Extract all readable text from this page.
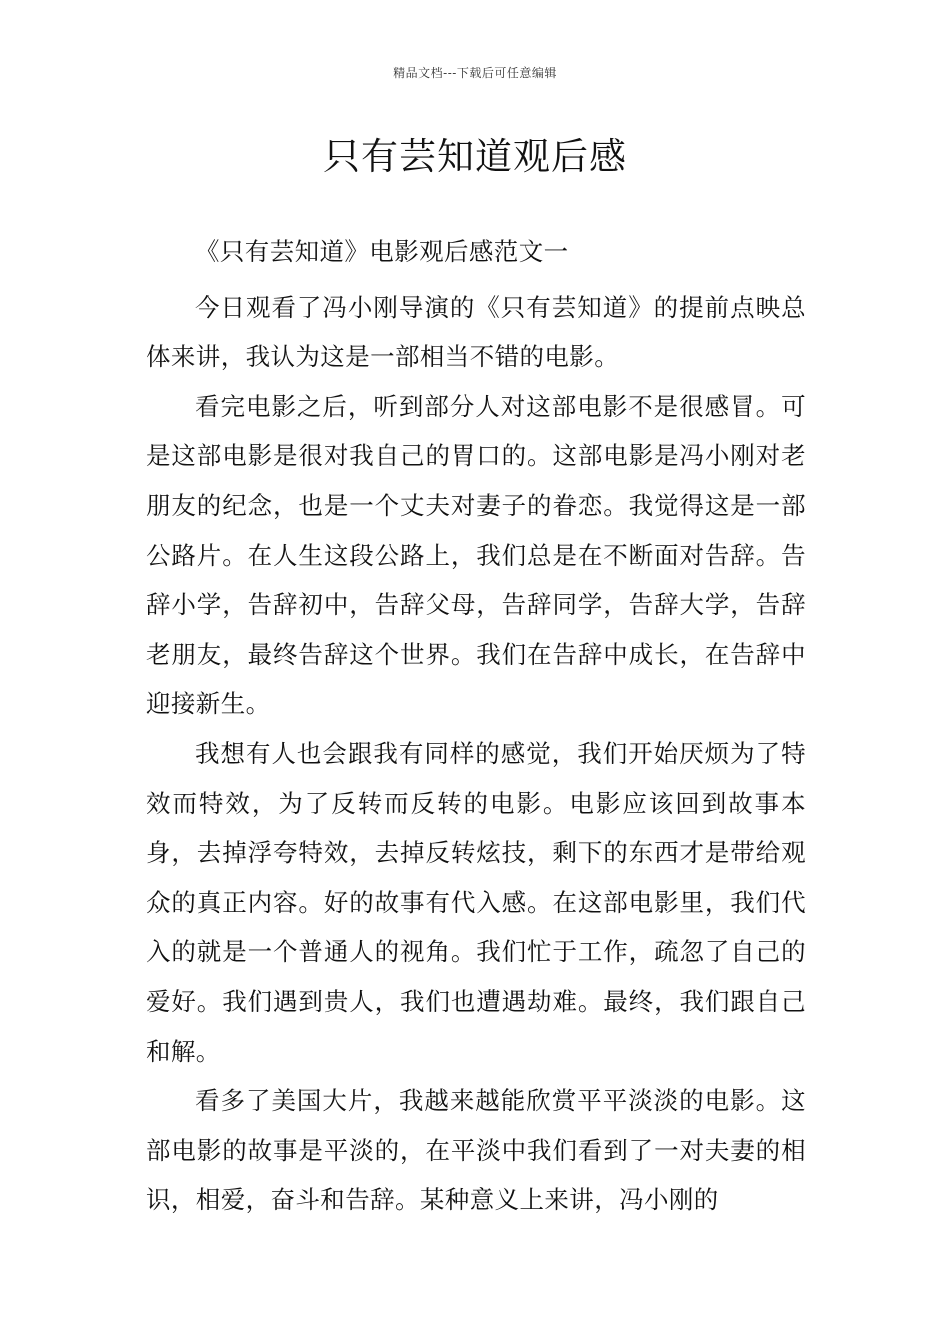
精品文档---下载后可任意编辑
只有芸知道观后感

《只有芸知道》电影观后感范文一

今日观看了冯小刚导演的《只有芸知道》的提前点映总体来讲，我认为这是一部相当不错的电影。

看完电影之后，听到部分人对这部电影不是很感冒。可是这部电影是很对我自己的胃口的。这部电影是冯小刚对老朋友的纪念，也是一个丈夫对妻子的眷恋。我觉得这是一部公路片。在人生这段公路上，我们总是在不断面对告辞。告辞小学，告辞初中，告辞父母，告辞同学，告辞大学，告辞老朋友，最终告辞这个世界。我们在告辞中成长，在告辞中迎接新生。

我想有人也会跟我有同样的感觉，我们开始厌烦为了特效而特效，为了反转而反转的电影。电影应该回到故事本身，去掉浮夸特效，去掉反转炫技，剩下的东西才是带给观众的真正内容。好的故事有代入感。在这部电影里，我们代入的就是一个普通人的视角。我们忙于工作，疏忽了自己的爱好。我们遇到贵人，我们也遭遇劫难。最终，我们跟自己和解。

看多了美国大片，我越来越能欣赏平平淡淡的电影。这部电影的故事是平淡的，在平淡中我们看到了一对夫妻的相识，相爱，奋斗和告辞。某种意义上来讲，冯小刚的
